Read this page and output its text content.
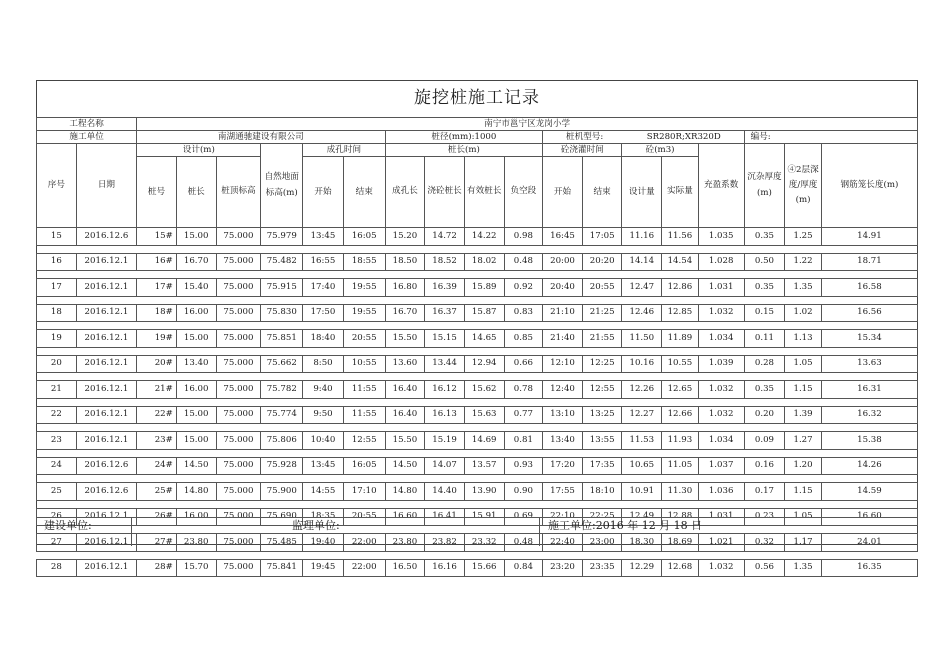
旋挖桩施工记录
工程名称		南宁市邕宁区龙岗小学																	
施工单位		南湖通驰建设有限公司						桩径(mm):1000				桩机型号: SR280R;XR320D					编号:		
序号	日期	设计(m)			自然地面标高(m)	成孔时间		桩长(m)				砼浇灌时间		砼(m3)		充盈系数	沉杂厚度(m)	④2层深度/厚度(m)	钢筋笼长度(m)
		桩号	桩长	桩顶标高		开始	结束	成孔长	浇砼桩长	有效桩长	负空段	开始	结束	设计量	实际量				
15	2016.12.6	15#	15.00	75.000	75.979	13:45	16:05	15.20	14.72	14.22	0.98	16:45	17:05	11.16	11.56	1.035	0.35	1.25	14.91

16	2016.12.1	16#	16.70	75.000	75.482	16:55	18:55	18.50	18.52	18.02	0.48	20:00	20:20	14.14	14.54	1.028	0.50	1.22	18.71

17	2016.12.1	17#	15.40	75.000	75.915	17:40	19:55	16.80	16.39	15.89	0.92	20:40	20:55	12.47	12.86	1.031	0.35	1.35	16.58

18	2016.12.1	18#	16.00	75.000	75.830	17:50	19:55	16.70	16.37	15.87	0.83	21:10	21:25	12.46	12.85	1.032	0.15	1.02	16.56

19	2016.12.1	19#	15.00	75.000	75.851	18:40	20:55	15.50	15.15	14.65	0.85	21:40	21:55	11.50	11.89	1.034	0.11	1.13	15.34

20	2016.12.1	20#	13.40	75.000	75.662	8:50	10:55	13.60	13.44	12.94	0.66	12:10	12:25	10.16	10.55	1.039	0.28	1.05	13.63

21	2016.12.1	21#	16.00	75.000	75.782	9:40	11:55	16.40	16.12	15.62	0.78	12:40	12:55	12.26	12.65	1.032	0.35	1.15	16.31

22	2016.12.1	22#	15.00	75.000	75.774	9:50	11:55	16.40	16.13	15.63	0.77	13:10	13:25	12.27	12.66	1.032	0.20	1.39	16.32

23	2016.12.1	23#	15.00	75.000	75.806	10:40	12:55	15.50	15.19	14.69	0.81	13:40	13:55	11.53	11.93	1.034	0.09	1.27	15.38

24	2016.12.6	24#	14.50	75.000	75.928	13:45	16:05	14.50	14.07	13.57	0.93	17:20	17:35	10.65	11.05	1.037	0.16	1.20	14.26

25	2016.12.6	25#	14.80	75.000	75.900	14:55	17:10	14.80	14.40	13.90	0.90	17:55	18:10	10.91	11.30	1.036	0.17	1.15	14.59

26	2016.12.1	26#	16.00	75.000	75.690	18:35	20:55	16.60	16.41	15.91	0.69	22:10	22:25	12.49	12.88	1.031	0.23	1.05	16.60

27	2016.12.1	27#	23.80	75.000	75.485	19:40	22:00	23.80	23.82	23.32	0.48	22:40	23:00	18.30	18.69	1.021	0.32	1.17	24.01

28	2016.12.1	28#	15.70	75.000	75.841	19:45	22:00	16.50	16.16	15.66	0.84	23:20	23:35	12.29	12.68	1.032	0.56	1.35	16.35
建设单位:	监理单位:	施工单位:2016 年 12 月 18 日
